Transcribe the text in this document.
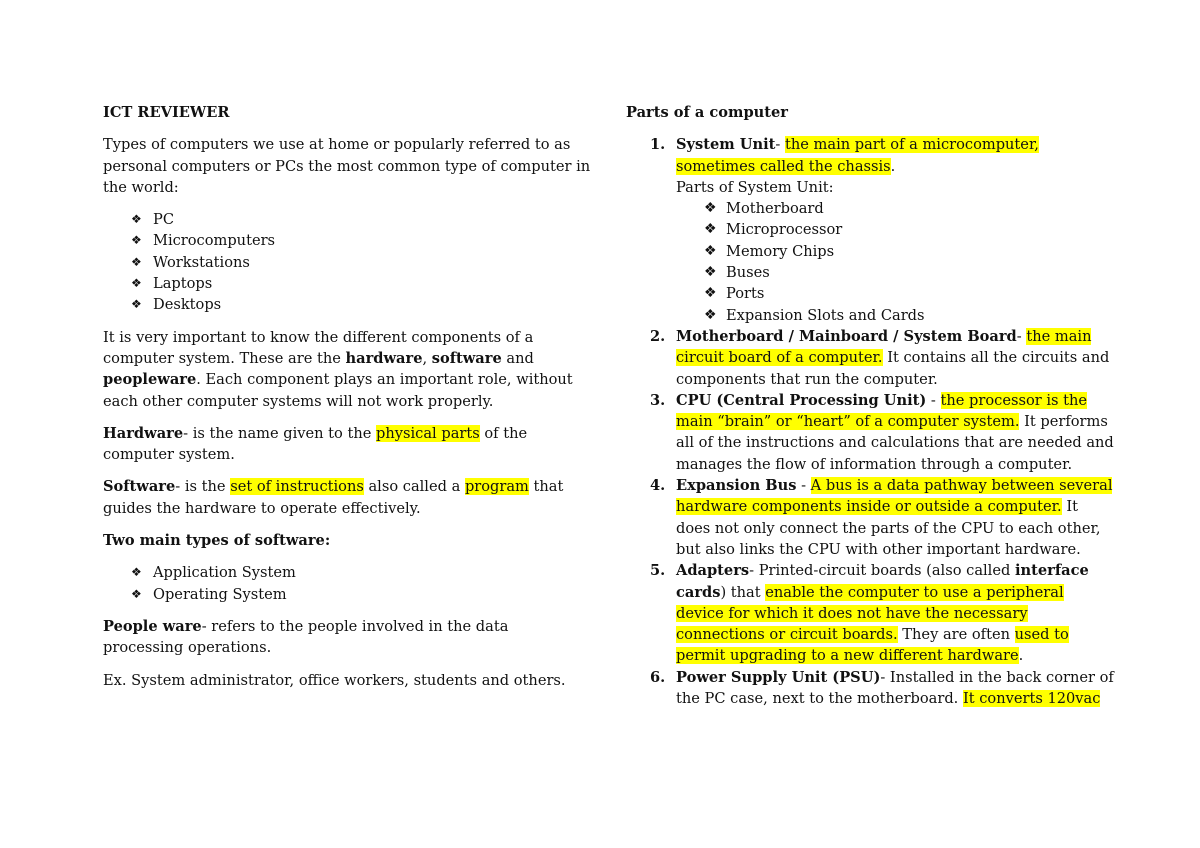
ICT REVIEWER

Types of computers we use at home or popularly referred to as personal computers or PCs the most common type of computer in the world:

❖ PC
❖ Microcomputers
❖ Workstations
❖ Laptops
❖ Desktops

It is very important to know the different components of a computer system. These are the hardware, software and peopleware. Each component plays an important role, without each other computer systems will not work properly.

Hardware- is the name given to the physical parts of the computer system.

Software- is the set of instructions also called a program that guides the hardware to operate effectively.

Two main types of software:

❖ Application System
❖ Operating System

People ware- refers to the people involved in the data processing operations.

Ex. System administrator, office workers, students and others.

Parts of a computer

1. System Unit- the main part of a microcomputer, sometimes called the chassis.
Parts of System Unit:
❖ Motherboard
❖ Microprocessor
❖ Memory Chips
❖ Buses
❖ Ports
❖ Expansion Slots and Cards
2. Motherboard / Mainboard / System Board- the main circuit board of a computer. It contains all the circuits and components that run the computer.
3. CPU (Central Processing Unit) - the processor is the main “brain” or “heart” of a computer system. It performs all of the instructions and calculations that are needed and manages the flow of information through a computer.
4. Expansion Bus - A bus is a data pathway between several hardware components inside or outside a computer. It does not only connect the parts of the CPU to each other, but also links the CPU with other important hardware.
5. Adapters- Printed-circuit boards (also called interface cards) that enable the computer to use a peripheral device for which it does not have the necessary connections or circuit boards. They are often used to permit upgrading to a new different hardware.
6. Power Supply Unit (PSU)- Installed in the back corner of the PC case, next to the motherboard. It converts 120vac
